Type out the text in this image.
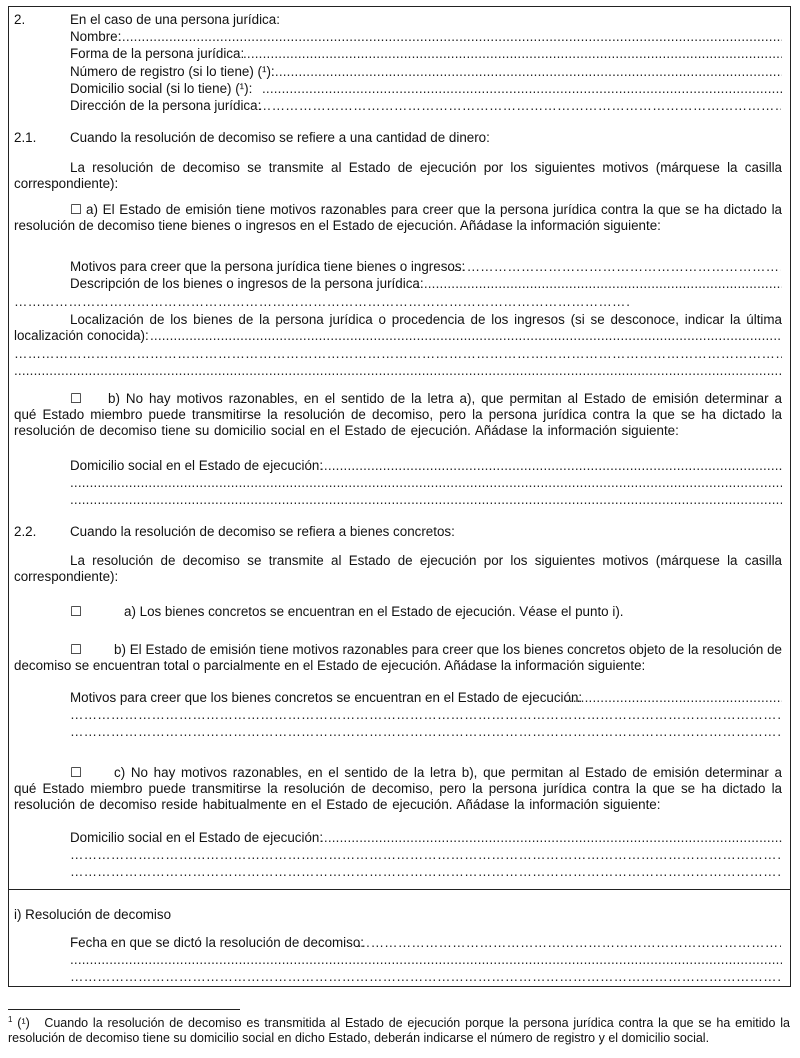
2.	En el caso de una persona jurídica:
Nombre:
.....
Forma de la persona jurídica:
.....
Número de registro (si lo tiene) (¹):
.....
Domicilio social (si lo tiene) (¹):
.....
Dirección de la persona jurídica:
………………………………………………………………………………………………………………………………………………………………………………………………
2.1.	Cuando la resolución de decomiso se refiere a una cantidad de dinero:
La resolución de decomiso se transmite al Estado de ejecución por los siguientes motivos (márquese la casilla correspondiente):
☐ a) El Estado de emisión tiene motivos razonables para creer que la persona jurídica contra la que se ha dictado la resolución de decomiso tiene bienes o ingresos en el Estado de ejecución. Añádase la información siguiente:
Motivos para creer que la persona jurídica tiene bienes o ingresos:
………………………………………………………………………………………………………………………………………………………………………………………………
Descripción de los bienes o ingresos de la persona jurídica:
.....
………………………………………………………………………………………………………………………………………………………………………………………………
Localización de los bienes de la persona jurídica o procedencia de los ingresos (si se desconoce, indicar la última localización conocida):
.....
………………………………………………………………………………………………………………………………………………………………………………………………
.....
☐ b) No hay motivos razonables, en el sentido de la letra a), que permitan al Estado de emisión determinar a qué Estado miembro puede transmitirse la resolución de decomiso, pero la persona jurídica contra la que se ha dictado la resolución de decomiso tiene su domicilio social en el Estado de ejecución. Añádase la información siguiente:
Domicilio social en el Estado de ejecución:
.....
.....
.....
2.2.	Cuando la resolución de decomiso se refiera a bienes concretos:
La resolución de decomiso se transmite al Estado de ejecución por los siguientes motivos (márquese la casilla correspondiente):
☐	a) Los bienes concretos se encuentran en el Estado de ejecución. Véase el punto i).
☐ b) El Estado de emisión tiene motivos razonables para creer que los bienes concretos objeto de la resolución de decomiso se encuentran total o parcialmente en el Estado de ejecución. Añádase la información siguiente:
Motivos para creer que los bienes concretos se encuentran en el Estado de ejecución:
.....
………………………………………………………………………………………………………………………………………………………………………………………………
………………………………………………………………………………………………………………………………………………………………………………………………
☐ c) No hay motivos razonables, en el sentido de la letra b), que permitan al Estado de emisión determinar a qué Estado miembro puede transmitirse la resolución de decomiso, pero la persona jurídica contra la que se ha dictado la resolución de decomiso reside habitualmente en el Estado de ejecución. Añádase la información siguiente:
Domicilio social en el Estado de ejecución:
.....
………………………………………………………………………………………………………………………………………………………………………………………………
………………………………………………………………………………………………………………………………………………………………………………………………
i) Resolución de decomiso
Fecha en que se dictó la resolución de decomiso:
………………………………………………………………………………………………………………………………………………………………………………………………
.....
………………………………………………………………………………………………………………………………………………………………………………………………
$^1$ (¹) Cuando la resolución de decomiso es transmitida al Estado de ejecución porque la persona jurídica contra la que se ha emitido la resolución de decomiso tiene su domicilio social en dicho Estado, deberán indicarse el número de registro y el domicilio social.
